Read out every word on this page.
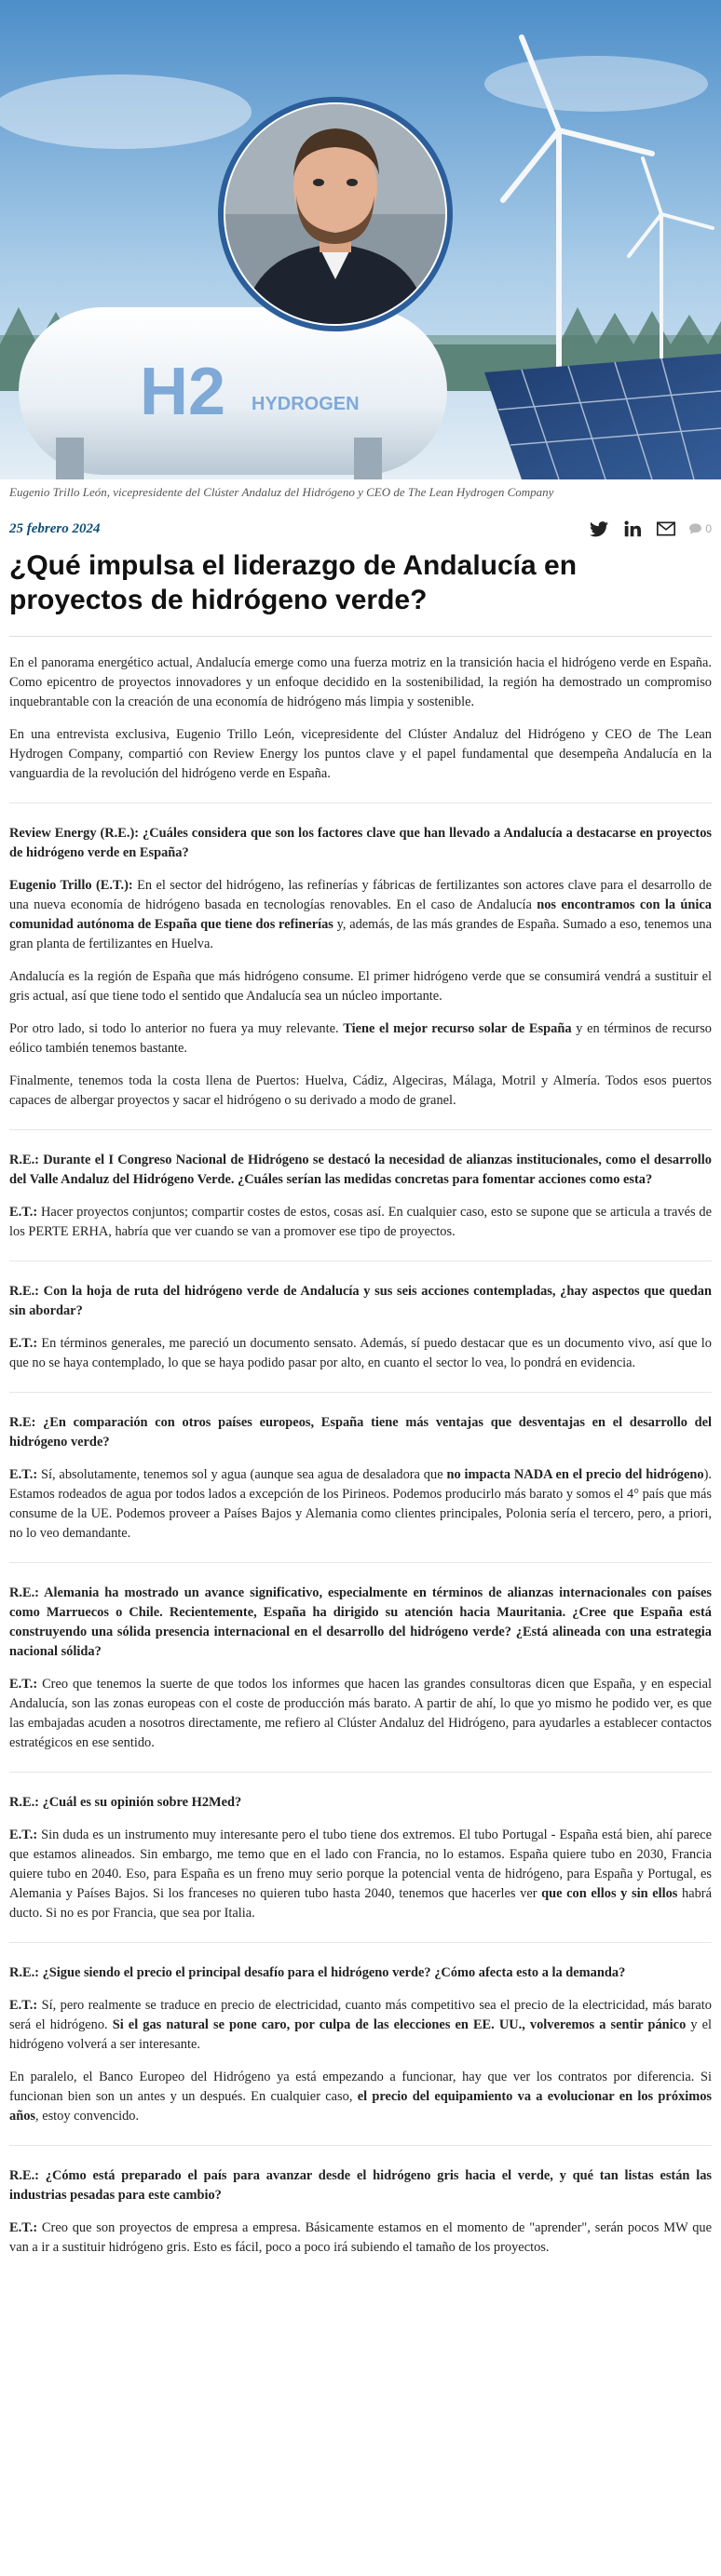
H2 HYDROGEN
Eugenio Trillo León, vicepresidente del Clúster Andaluz del Hidrógeno y CEO de The Lean Hydrogen Company
25 febrero 2024	0
¿Qué impulsa el liderazgo de Andalucía en proyectos de hidrógeno verde?

En el panorama energético actual, Andalucía emerge como una fuerza motriz en la transición hacia el hidrógeno verde en España. Como epicentro de proyectos innovadores y un enfoque decidido en la sostenibilidad, la región ha demostrado un compromiso inquebrantable con la creación de una economía de hidrógeno más limpia y sostenible.

En una entrevista exclusiva, Eugenio Trillo León, vicepresidente del Clúster Andaluz del Hidrógeno y CEO de The Lean Hydrogen Company, compartió con Review Energy los puntos clave y el papel fundamental que desempeña Andalucía en la vanguardia de la revolución del hidrógeno verde en España.

Review Energy (R.E.): ¿Cuáles considera que son los factores clave que han llevado a Andalucía a destacarse en proyectos de hidrógeno verde en España?

Eugenio Trillo (E.T.): En el sector del hidrógeno, las refinerías y fábricas de fertilizantes son actores clave para el desarrollo de una nueva economía de hidrógeno basada en tecnologías renovables. En el caso de Andalucía nos encontramos con la única comunidad autónoma de España que tiene dos refinerías y, además, de las más grandes de España. Sumado a eso, tenemos una gran planta de fertilizantes en Huelva.

Andalucía es la región de España que más hidrógeno consume. El primer hidrógeno verde que se consumirá vendrá a sustituir el gris actual, así que tiene todo el sentido que Andalucía sea un núcleo importante.

Por otro lado, si todo lo anterior no fuera ya muy relevante. Tiene el mejor recurso solar de España y en términos de recurso eólico también tenemos bastante.

Finalmente, tenemos toda la costa llena de Puertos: Huelva, Cádiz, Algeciras, Málaga, Motril y Almería. Todos esos puertos capaces de albergar proyectos y sacar el hidrógeno o su derivado a modo de granel.

R.E.: Durante el I Congreso Nacional de Hidrógeno se destacó la necesidad de alianzas institucionales, como el desarrollo del Valle Andaluz del Hidrógeno Verde. ¿Cuáles serían las medidas concretas para fomentar acciones como esta?

E.T.: Hacer proyectos conjuntos; compartir costes de estos, cosas así. En cualquier caso, esto se supone que se articula a través de los PERTE ERHA, habría que ver cuando se van a promover ese tipo de proyectos.

R.E.: Con la hoja de ruta del hidrógeno verde de Andalucía y sus seis acciones contempladas, ¿hay aspectos que quedan sin abordar?

E.T.: En términos generales, me pareció un documento sensato. Además, sí puedo destacar que es un documento vivo, así que lo que no se haya contemplado, lo que se haya podido pasar por alto, en cuanto el sector lo vea, lo pondrá en evidencia.

R.E: ¿En comparación con otros países europeos, España tiene más ventajas que desventajas en el desarrollo del hidrógeno verde?

E.T.: Sí, absolutamente, tenemos sol y agua (aunque sea agua de desaladora que no impacta NADA en el precio del hidrógeno). Estamos rodeados de agua por todos lados a excepción de los Pirineos. Podemos producirlo más barato y somos el 4° país que más consume de la UE. Podemos proveer a Países Bajos y Alemania como clientes principales, Polonia sería el tercero, pero, a priori, no lo veo demandante.

R.E.: Alemania ha mostrado un avance significativo, especialmente en términos de alianzas internacionales con países como Marruecos o Chile. Recientemente, España ha dirigido su atención hacia Mauritania. ¿Cree que España está construyendo una sólida presencia internacional en el desarrollo del hidrógeno verde? ¿Está alineada con una estrategia nacional sólida?

E.T.: Creo que tenemos la suerte de que todos los informes que hacen las grandes consultoras dicen que España, y en especial Andalucía, son las zonas europeas con el coste de producción más barato. A partir de ahí, lo que yo mismo he podido ver, es que las embajadas acuden a nosotros directamente, me refiero al Clúster Andaluz del Hidrógeno, para ayudarles a establecer contactos estratégicos en ese sentido.

R.E.: ¿Cuál es su opinión sobre H2Med?

E.T.: Sin duda es un instrumento muy interesante pero el tubo tiene dos extremos. El tubo Portugal - España está bien, ahí parece que estamos alineados. Sin embargo, me temo que en el lado con Francia, no lo estamos. España quiere tubo en 2030, Francia quiere tubo en 2040. Eso, para España es un freno muy serio porque la potencial venta de hidrógeno, para España y Portugal, es Alemania y Países Bajos. Si los franceses no quieren tubo hasta 2040, tenemos que hacerles ver que con ellos y sin ellos habrá ducto. Si no es por Francia, que sea por Italia.

R.E.: ¿Sigue siendo el precio el principal desafío para el hidrógeno verde? ¿Cómo afecta esto a la demanda?

E.T.: Sí, pero realmente se traduce en precio de electricidad, cuanto más competitivo sea el precio de la electricidad, más barato será el hidrógeno. Si el gas natural se pone caro, por culpa de las elecciones en EE. UU., volveremos a sentir pánico y el hidrógeno volverá a ser interesante.

En paralelo, el Banco Europeo del Hidrógeno ya está empezando a funcionar, hay que ver los contratos por diferencia. Si funcionan bien son un antes y un después. En cualquier caso, el precio del equipamiento va a evolucionar en los próximos años, estoy convencido.

R.E.: ¿Cómo está preparado el país para avanzar desde el hidrógeno gris hacia el verde, y qué tan listas están las industrias pesadas para este cambio?

E.T.: Creo que son proyectos de empresa a empresa. Básicamente estamos en el momento de "aprender", serán pocos MW que van a ir a sustituir hidrógeno gris. Esto es fácil, poco a poco irá subiendo el tamaño de los proyectos.
